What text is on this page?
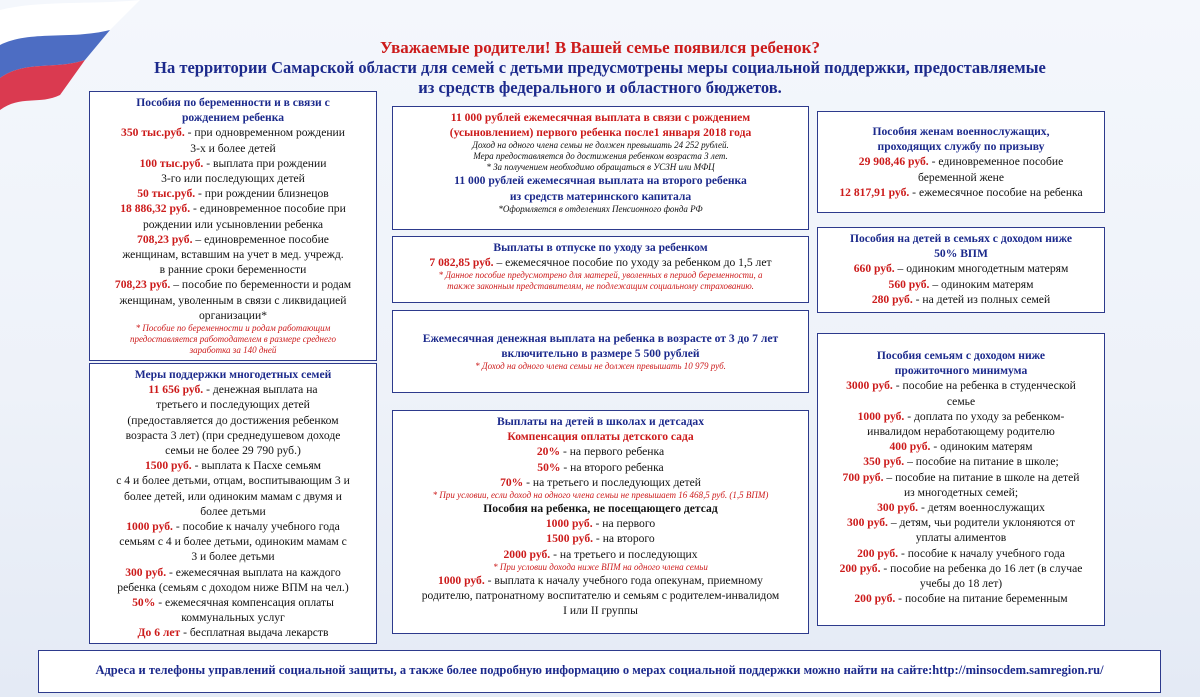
Уважаемые родители! В Вашей семье появился ребенок?
На территории Самарской области для семей с детьми предусмотрены меры социальной поддержки, предоставляемые
из средств федерального и областного бюджетов.
Пособия по беременности и в связи с
рождением ребенка
350 тыс.руб. - при одновременном рождении
3-х и более детей
100 тыс.руб. - выплата при рождении
3-го или последующих детей
50 тыс.руб. - при рождении близнецов
18 886,32 руб. - единовременное пособие при
рождении или усыновлении ребенка
708,23 руб. – единовременное пособие
женщинам, вставшим на учет в мед. учрежд.
в ранние сроки беременности
708,23 руб. – пособие по беременности и родам
женщинам, уволенным в связи с ликвидацией
организации*
* Пособие по беременности и родам работающим
предоставляется работодателем в размере среднего
заработка за 140 дней
Меры поддержки многодетных семей
11 656 руб. - денежная выплата на
третьего и последующих детей
(предоставляется до достижения ребенком
возраста 3 лет) (при среднедушевом доходе
семьи не более 29 790 руб.)
1500 руб. - выплата к Пасхе семьям
с 4 и более детьми, отцам, воспитывающим 3 и
более детей, или одиноким мамам с двумя и
более детьми
1000 руб. - пособие к началу учебного года
семьям с 4 и более детьми, одиноким мамам с
3 и более детьми
300 руб. - ежемесячная выплата на каждого
ребенка (семьям с доходом ниже ВПМ на чел.)
50% - ежемесячная компенсация оплаты
коммунальных услуг
До 6 лет - бесплатная выдача лекарств
11 000 рублей ежемесячная выплата в связи с рождением
(усыновлением) первого ребенка после1 января 2018 года
Доход на одного члена семьи не должен превышать 24 252 рублей.
Мера предоставляется до достижения ребенком возраста 3 лет.
* За получением необходимо обращаться в УСЗН или МФЦ
11 000 рублей ежемесячная выплата на второго ребенка
из средств материнского капитала
*Оформляется в отделениях Пенсионного фонда РФ
Выплаты в отпуске по уходу за ребенком
7 082,85 руб. – ежемесячное пособие по уходу за ребенком до 1,5 лет
* Данное пособие предусмотрено для матерей, уволенных в период беременности, а
также законным представителям, не подлежащим социальному страхованию.
Ежемесячная денежная выплата на ребенка в возрасте от 3 до 7 лет
включительно в размере 5 500 рублей
* Доход на одного члена семьи не должен превышать 10 979 руб.
Выплаты на детей в школах и детсадах
Компенсация оплаты детского сада
20% - на первого ребенка
50% - на второго ребенка
70% - на третьего и последующих детей
* При условии, если доход на одного члена семьи не превышает 16 468,5 руб. (1,5 ВПМ)
Пособия на ребенка, не посещающего детсад
1000 руб. - на первого
1500 руб. - на второго
2000 руб. - на третьего и последующих
* При условии дохода ниже ВПМ на одного члена семьи
1000 руб. - выплата к началу учебного года опекунам, приемному
родителю, патронатному воспитателю и семьям с родителем-инвалидом
I или II группы
Пособия женам военнослужащих,
проходящих службу по призыву
29 908,46 руб. - единовременное пособие
беременной жене
12 817,91 руб. - ежемесячное пособие на ребенка
Пособия на детей в семьях с доходом ниже
50% ВПМ
660 руб. – одиноким многодетным матерям
560 руб. – одиноким матерям
280 руб. - на детей из полных семей
Пособия семьям с доходом ниже
прожиточного минимума
3000 руб. - пособие на ребенка в студенческой
семье
1000 руб. - доплата по уходу за ребенком-
инвалидом неработающему родителю
400 руб. - одиноким матерям
350 руб. – пособие на питание в школе;
700 руб. – пособие на питание в школе на детей
из многодетных семей;
300 руб. - детям военнослужащих
300 руб. – детям, чьи родители уклоняются от
уплаты алиментов
200 руб. - пособие к началу учебного года
200 руб. - пособие на ребенка до 16 лет (в случае
учебы до 18 лет)
200 руб. - пособие на питание беременным
Адреса и телефоны управлений социальной защиты, а также более подробную информацию о мерах социальной поддержки можно найти на сайте:http://minsocdem.samregion.ru/
